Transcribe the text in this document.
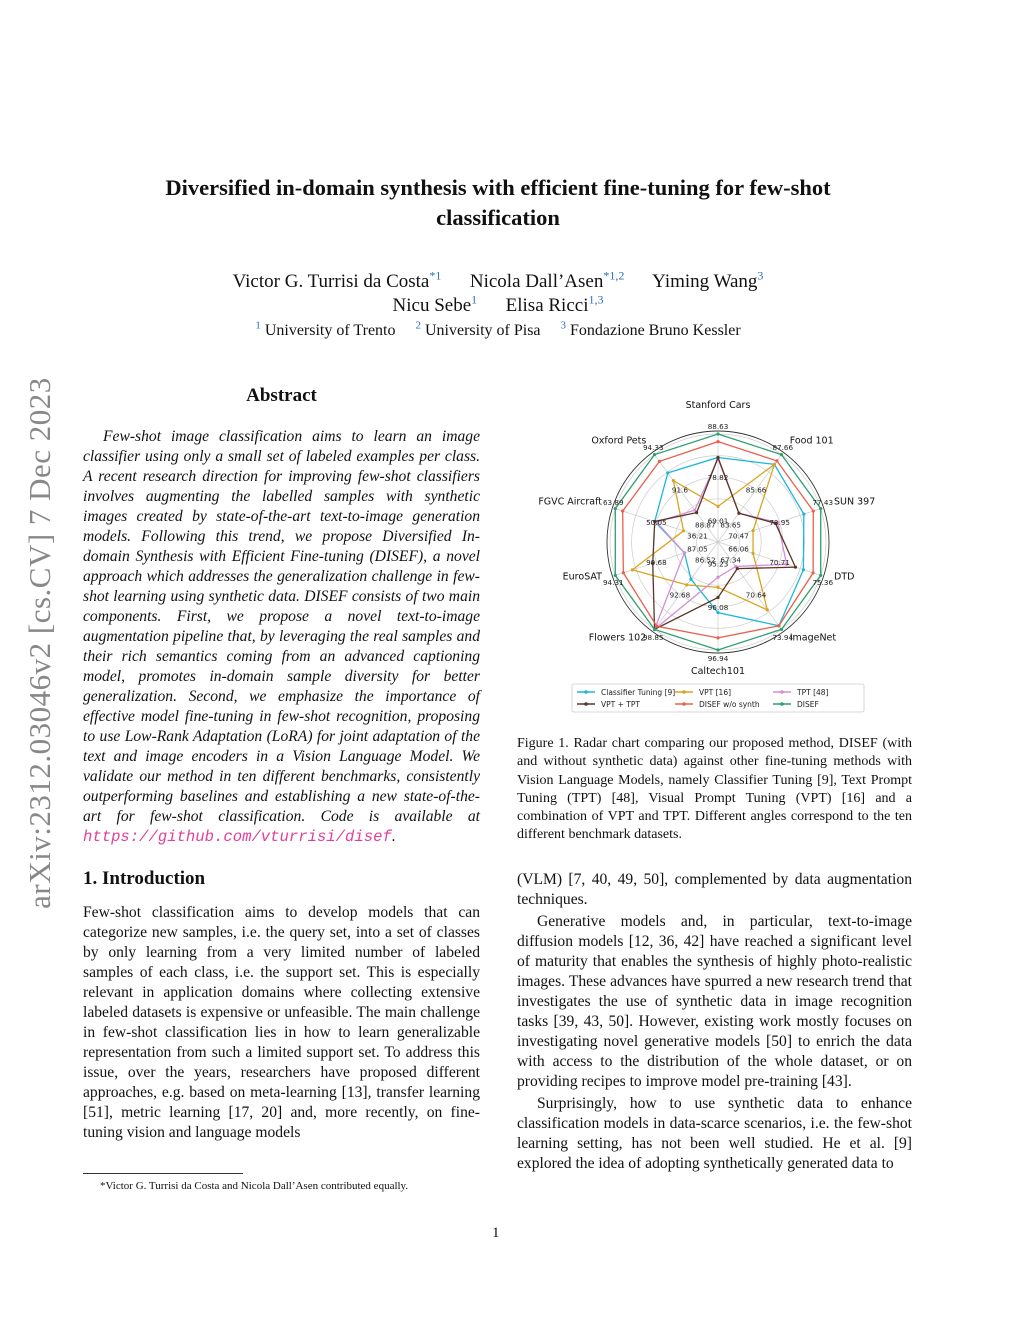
arXiv:2312.03046v2 [cs.CV] 7 Dec 2023
Diversified in-domain synthesis with efficient fine-tuning for few-shot classification
Victor G. Turrisi da Costa$^{*1}$ Nicola Dall’Asen$^{*1,2}$ Yiming Wang$^3$
Nicu Sebe$^1$ Elisa Ricci$^{1,3}$
$^1$ University of Trento $^2$ University of Pisa $^3$ Fondazione Bruno Kessler
Abstract

Few-shot image classification aims to learn an image classifier using only a small set of labeled examples per class. A recent research direction for improving few-shot classifiers involves augmenting the labelled samples with synthetic images created by state-of-the-art text-to-image generation models. Following this trend, we propose Diversified In-domain Synthesis with Efficient Fine-tuning (DISEF), a novel approach which addresses the generalization challenge in few-shot learning using synthetic data. DISEF consists of two main components. First, we propose a novel text-to-image augmentation pipeline that, by leveraging the real samples and their rich semantics coming from an advanced captioning model, promotes in-domain sample diversity for better generalization. Second, we emphasize the importance of effective model fine-tuning in few-shot recognition, proposing to use Low-Rank Adaptation (LoRA) for joint adaptation of the text and image encoders in a Vision Language Model. We validate our method in ten different benchmarks, consistently outperforming baselines and establishing a new state-of-the-art for few-shot classification. Code is available at https://github.com/vturrisi/disef.

1. Introduction

Few-shot classification aims to develop models that can categorize new samples, i.e. the query set, into a set of classes by only learning from a very limited number of labeled samples of each class, i.e. the support set. This is especially relevant in application domains where collecting extensive labeled datasets is expensive or unfeasible. The main challenge in few-shot classification lies in how to learn generalizable representation from such a limited support set. To address this issue, over the years, researchers have proposed different approaches, e.g. based on meta-learning [13], transfer learning [51], metric learning [17, 20] and, more recently, on fine-tuning vision and language models

*Victor G. Turrisi da Costa and Nicola Dall’Asen contributed equally.
Classifier Tuning [9]	VPT [16]	TPT [48]
VPT + TPT	DISEF w/o synth	DISEF
Stanford Cars
88.63
78.82
69.01
Food 101
87.66
85.66
83.65
SUN 397
77.43
73.95
70.47
DTD
75.36
70.71
66.06
ImageNet
73.94
70.64
67.34
Caltech101
96.94
96.08
95.23
Flowers 102
98.85
92.68
86.52
EuroSAT 94.31
90.68
87.05
FGVC Aircraft 63.89
50.05
36.21
Oxford Pets
94.33
91.6
88.87
Figure 1. Radar chart comparing our proposed method, DISEF (with and without synthetic data) against other fine-tuning methods with Vision Language Models, namely Classifier Tuning [9], Text Prompt Tuning (TPT) [48], Visual Prompt Tuning (VPT) [16] and a combination of VPT and TPT. Different angles correspond to the ten different benchmark datasets.

(VLM) [7, 40, 49, 50], complemented by data augmentation techniques.

Generative models and, in particular, text-to-image diffusion models [12, 36, 42] have reached a significant level of maturity that enables the synthesis of highly photo-realistic images. These advances have spurred a new research trend that investigates the use of synthetic data in image recognition tasks [39, 43, 50]. However, existing work mostly focuses on investigating novel generative models [50] to enrich the data with access to the distribution of the whole dataset, or on providing recipes to improve model pre-training [43].

Surprisingly, how to use synthetic data to enhance classification models in data-scarce scenarios, i.e. the few-shot learning setting, has not been well studied. He et al. [9] explored the idea of adopting synthetically generated data to

1
